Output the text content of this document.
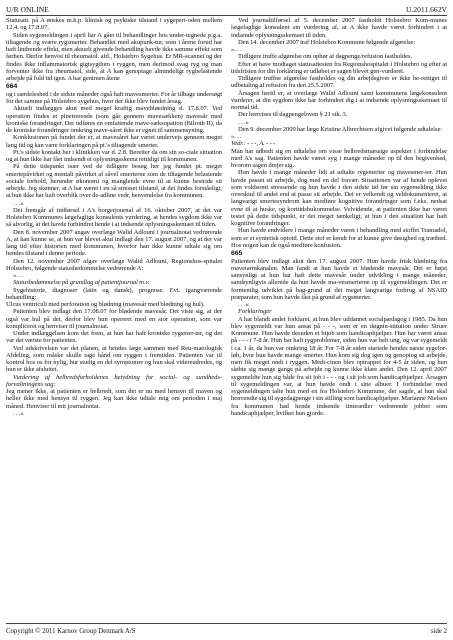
U/R ONLINE	U.2011.662V
Statusatt. på A ønskes m.h.p. klinisk og psykiske tilstand i sygeperi-oden mellem 12.4. og 17.8.07.
Siden sygemeldingen i april har A gået til behandlinger hos under-tegnede p.g.a. tiltagende og svære rygsmerter. Behandlet med akupunk-tur, som i årene forud har haft lindrende effekt, men aktuelt givende behandling havde ikke samme effekt som førhen. Derfor henvist til rheumatol. afd., Holstebro Sygehus. Er MR-scannet og der findes ikke inflammatorisk gigtsygdom i ryggen, men derimod svag ryg og man forventer ikke fra rheumatol. side, at A kan genoptage almindeligt rygbelastende arbejde på fuld tid igen. A har gentmen åtene
664
og i særdeleshed i de sidste måneder også haft mavesmerter. For år tilbage undersøgt for det samme på Holstebro sygehus, hvor der ikke blev fundet årsag.
Aktuelt indlægges akut med meget kraftig mavebløedning d. 17.8.07. Ved operation findes et pinetrerende (som går gennem mavesækken) mavesår med kroniske forandringer. Der udføres en omfattende mave-sæksopation (Bilroth II), da de kroniske forandringer omkring mave-såret ikke er egnet til sammensyning.
Konklusionen på fundet der er, at mavesåret har været undervejs gennem meget lang tid og kan være forklaringen på pt.'s tiltagende smerter.
Pt.'s sidste kontakt her i klinikken var d. 2.8. Beretter da om sin so-ciale situation og at hun ikke har fået indsendt et oplysningsskema rettidigt til kommunen.
På dette tidspunkt især ved de tidligere besøg her jeg fundet pt. meget smertepåvirket og mentalt påvirket af såvel smerterne som de tiltagende belastende sociale forhold, herunder økonomi og manglende evne til at kunne bestride sit arbejde. Jeg skønner, at A har været i en så stresset tilstand, at det findes forståeligt, at hun ikke har haft overblik over de-adline vedr, henvendelse fra kommunen.
. . .«
Det fremgår af indførsel i A's borgerjournal af 16. oktober 2007, at det var Holstebro Kommunes lægefaglige konsulents vurdering, at hendes sygdom ikke var så alvorlig, at det havde forhindret hende i at indsende oplysningsskemaet til tiden.
Den 8. november 2007 angav overlæge Walid Adlouni i journalnotat vedrørende A, at han kunne se, at hun var blevet akut indlagt den 17. august 2007, og at der var lang tid efter historien med kommunen, hvorfor han ikke kunne udtale sig om hendes tilstand i denne periode.
Den 12. november 2007 afgav overlæge Walid Adlouni, Regionshos-spitalet Holstebro, følgende statushedommelse vedrørende A:
». . .
Statusbedømmelse på grundlag af patientjournal m.v.
Sygehistorie, diagnoser (latin og dansk), prognose. Evt. igangværende behandling:
Ulcus ventriculi med perforation og blødning (mavesår med blødning og hul).
Patienten blev indlagt den 17.08.07 for blødende mavesår. Det viste sig, at der også var hul på det, derfor blev hun opereret med en stor operation, som var kompliceret og henviser til journalnotat.
Under indlæggelsen kom det frem, at hun har haft kroniske rygsmer-ter, og det var det værste for patienten.
Ved udskrivelsen var det planen, at hendes læge sammen med Reu-matologisk Afdeling, som måske skulle tage hånd om ryggen i fremtiden. Patienten var til kontrol hos os for nylig, hur studig en del symptomer og hun skal videreudredes, og hun er ikke afsluttet.
Vurdering af helbredsforholdenes betydning for social- og sundheds-forvaltningens sag:
Jeg mener ikke, at patienten er helbredt, som det er nu med hensyn til maven og heller ikke med hensyn til ryggen. Jeg kan ikke udtale mig om perioden i maj måned. Henviser til mit journalnotat.
. . .«
Ved journaltilførsel af 5. december 2007 fastholdt Holstebro Kom-munes lægefaglige konsulent sin vurdering af, at A ikke havde været forhindret i at indsende oplysningsskemaet til tiden.
Den 14. december 2007 traf Holstebro Kommune følgende afgørelse:
». . .
Tidligere truffe afgørelse om ophør af dagpenge/refusion fastholdes.
Efter at have modtaget statusattesten fra Regionshospitalet i Holstebro og efter at tidsfristen for din forklaring er udløbet er sagen blevet gen-vurderet.
Tidligere truffne afgørelse fastholdes og din arbejdsgiver er ikke be-rettiget til udbetaling af refusion fra den 25.5.2007.
Årsagen hertil er, at overlæge Walid Adlouni samt kommunens lægekonsulent vurderer, at din sygdom ikke har forhindret dig i at indsende oplysningsskemaet til normal tid.
Der henvises til dagpengeloven § 21 stk. 3.
. . .«
Den 9. december 2009 har læge Kristine Albrechtsen afgivet følgende udtalelse:
». . .
Vedr.: - - -, A. - - -
Man har udbedt sig en udtalelse om visse helbredsmæssige aspekter i forbindelse med A's sag. Patienten havde været syg i mange måneder op til den begivenhed, hvorom sagen drejer sig.
Hun havde i mange måneder lidt af udtalte rygsmerter og mavesmer-ter. Hun havde passet sit arbejde, dog med en del fravær. Situationen var af hende oplevet som voldsomt stressende og hun havde i den sidste tid før sin sygemelding ikke overskud til andet end at passe sit arbejde. Det er velkendt og veldokumenteret, at langvarigt smertesyndrom kan medføre kognitive forandringer som f.eks. nedsat evne til at huske, og korttidshukommelse. Velvidende, at patienten ikke har været testet på dette tidspunkt, er det meget tænkeligt, at hun i den situation har haft kognitive forandringer.
Hun havde endvidere i mange måneder været i behandling med stoffet Tramadol, som er et syntetisk opioid. Dette stof er kendt for at kunne give døsighed og træthed. Hos nogen kan de også medføre konfusion.
665
Patienten blev indlagt akut den 17. august 2007. Hun havde frisk blødning fra mavetarmkanalen. Man fandt at hun havde et blødende mavesår. Det er højst sansynligt at hun har haft dette mavesår under udvikling i mange måneder, sandsynligvis allerede da hun havde ma-vesmerterne op til sygemeldingen. Det er formentlig udviklet på bag-grund af det meget langvarige forbrug af NSAID præparater, som hun havde fået på grund af rygsmerter.
. . .«
Forklaringer
A har blandt andet forklaret, at hun blev uddannet socialpædagog i 1985. Da hun blev sygemeldt var hun ansat på - - -, som er en døgnin-stitution under Struer Kommune. Hun havde desuden et bijob som handicaphjælper. Hun har været ansat på - - - i 7-8 år. Hun har haft rygproblemer, siden hun var helt ung, og var sygemeldt i ca. 1 år, da hun var omkring 18 år. For 7-8 år siden startede hendes næste sygefor-løb, hvor hun havde mange smerter. Hun kom sig dog igen og genoptog sit arbejde, men fik meget ondt i ryggen. Medi-cinen blev optrappet for 4-5 år siden, og hun sløbte sig mange gange på arbejde og kunne ikke klare andet. Den 12. april 2007 sygemeldte hun sig både fra sit job i - - - og i sit job som handicaphjælper. Årsagen til sygemeldingen var, at hun havde ondt i sine albuer. I forbindelse med sygemeldingen talte hun med en fra Holstebro Kommune, der sagde, at hun skal henvendte sig til sygedagpenge i sin stilling som handicaphjælper. Marianne Nielsen fra kommunen had hende indsende timesedler vedrørende jobbet som handicaphjælper, hvilket hun gjorde.
Copyright © 2011 Karnov Group Denmark A/S	side 2
